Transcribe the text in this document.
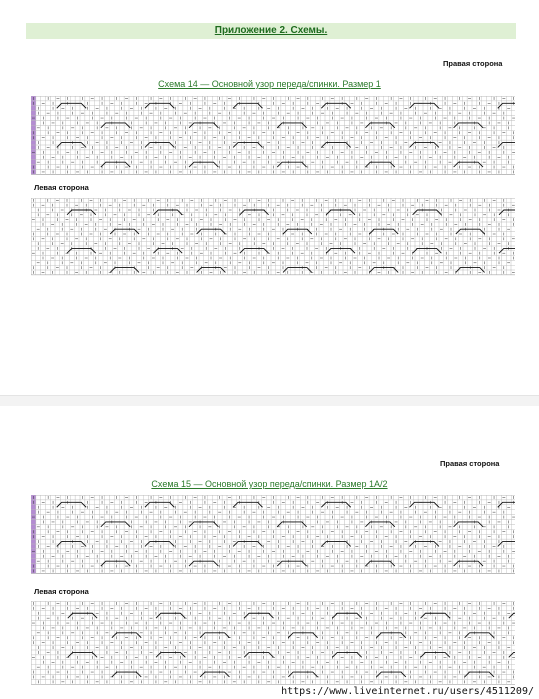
Приложение 2. Схемы.
Правая сторона
Схема 14 — Основной узор переда/спинки. Размер 1
Левая сторона
Правая сторона
Схема 15 — Основной узор переда/спинки. Размер 1А/2
Левая сторона
https://www.liveinternet.ru/users/4511209/
